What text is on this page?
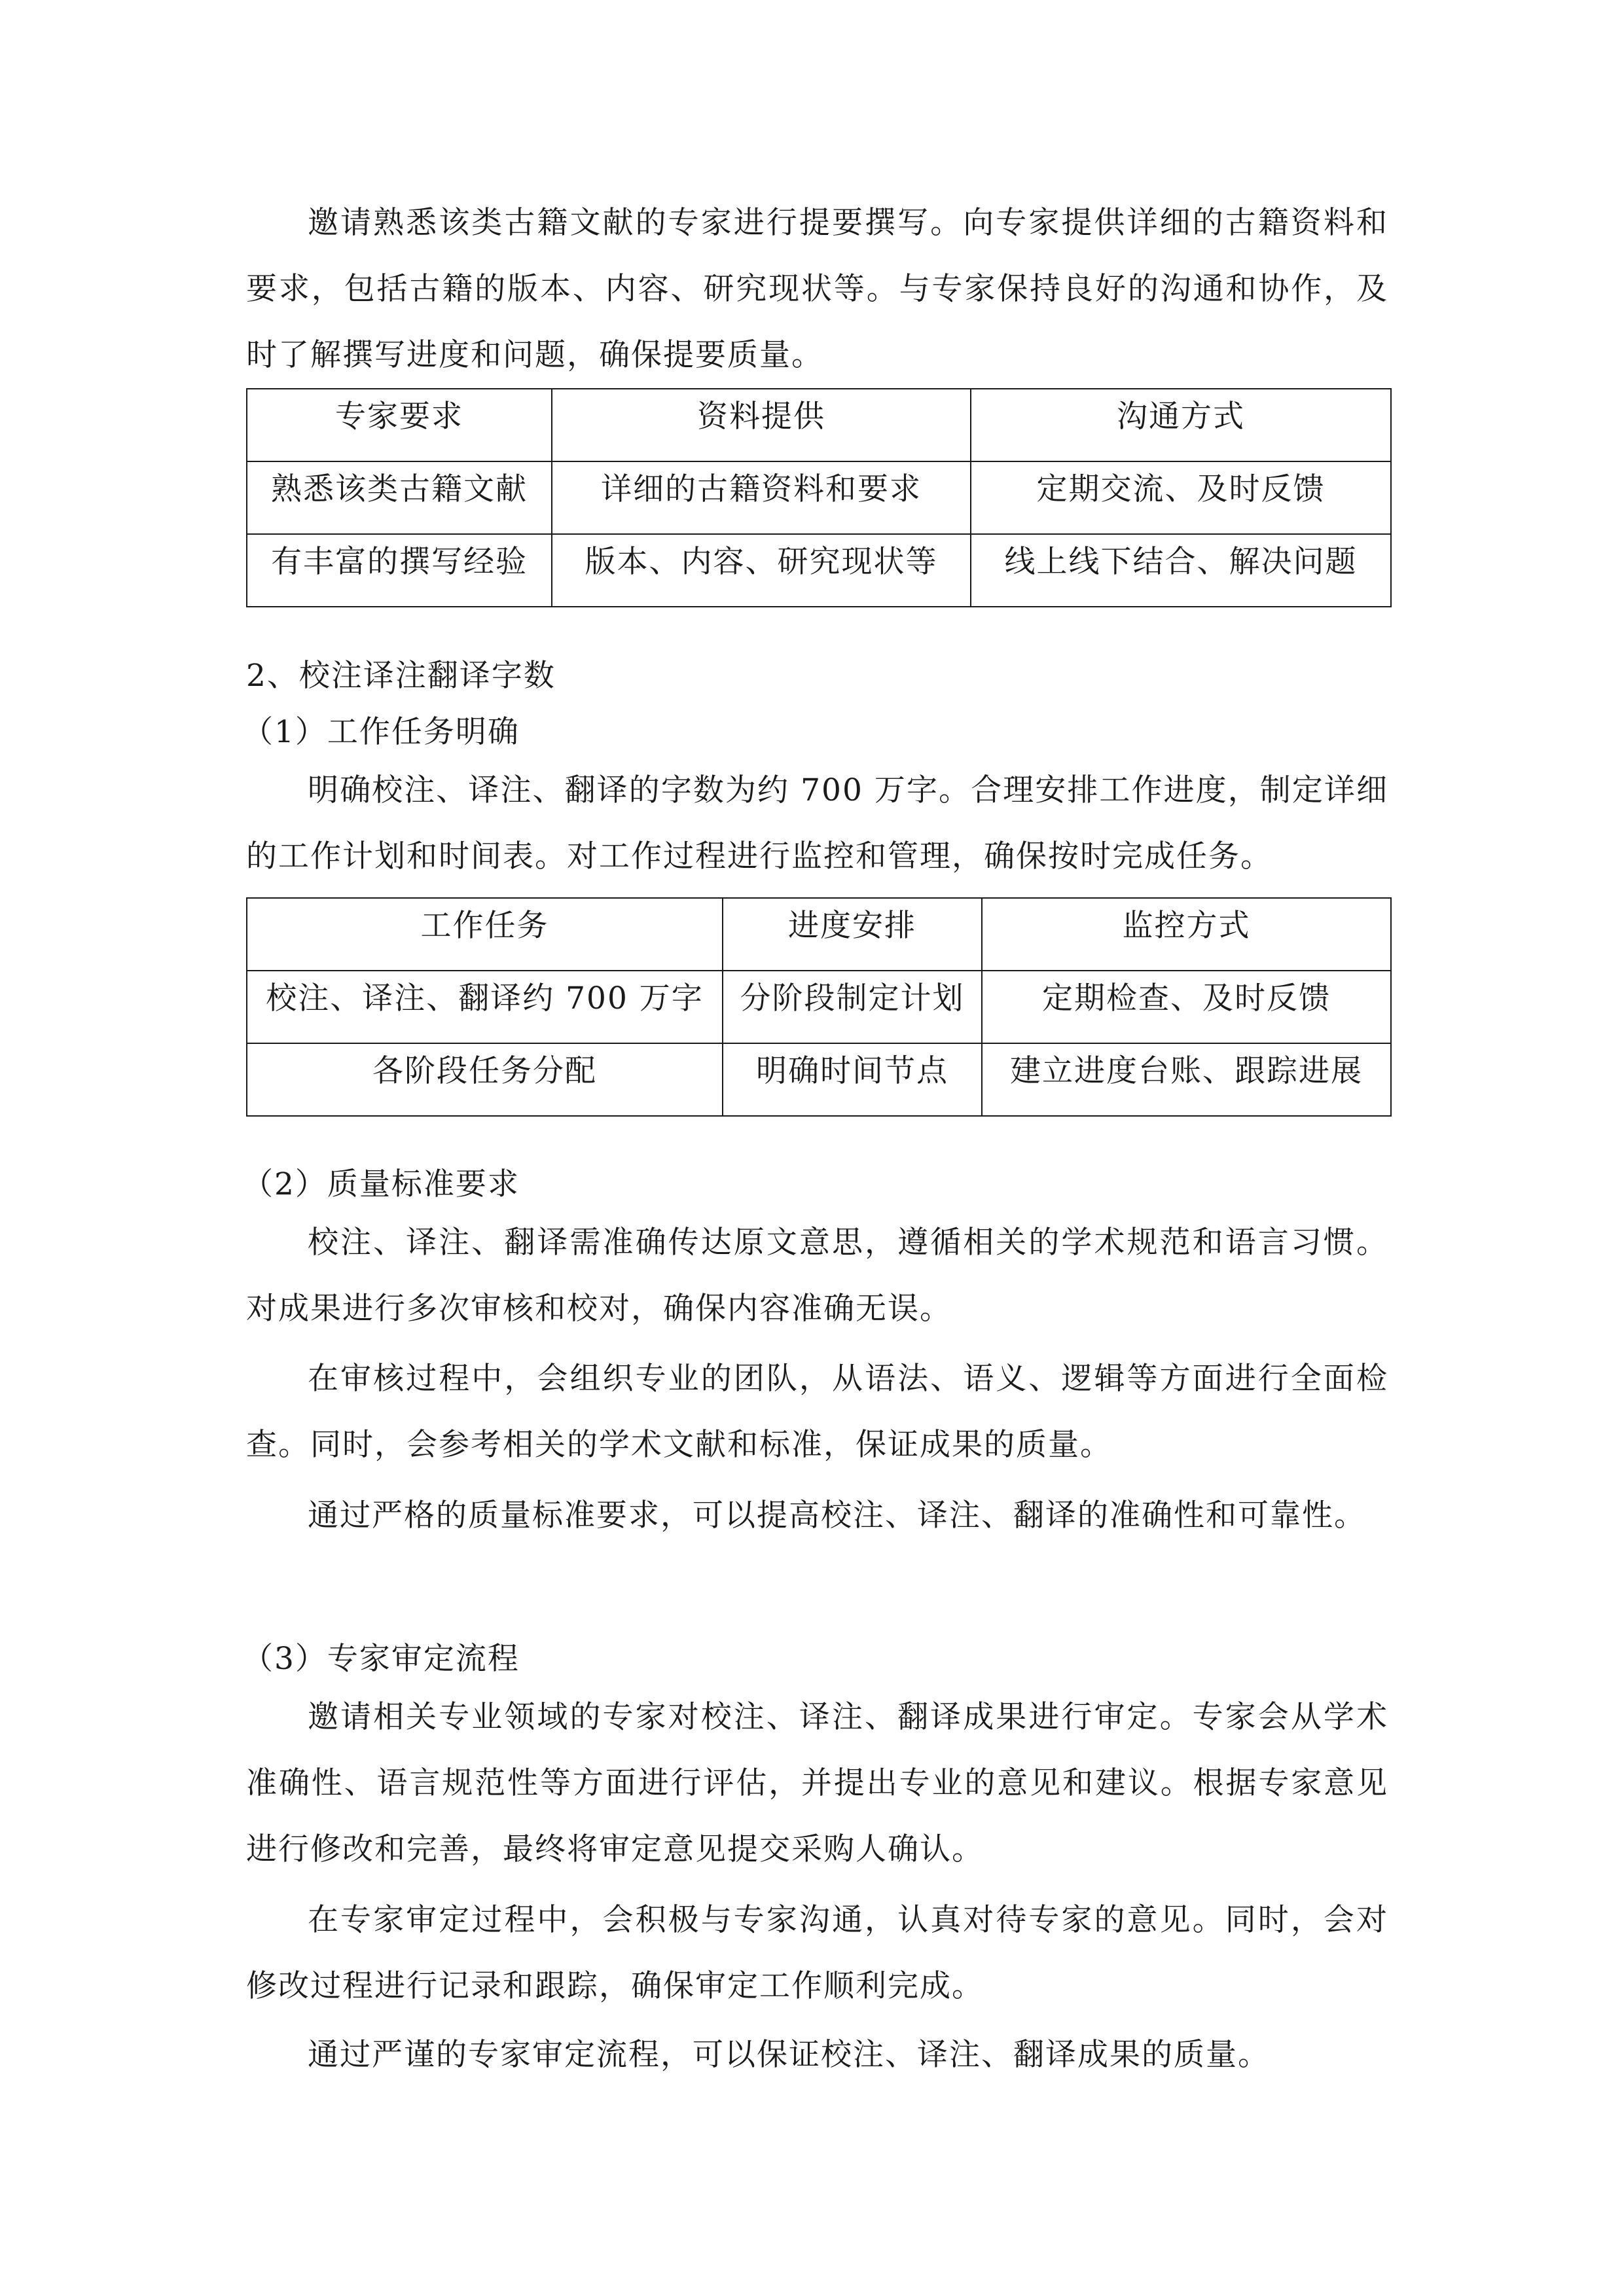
邀请熟悉该类古籍文献的专家进行提要撰写。向专家提供详细的古籍资料和要求，包括古籍的版本、内容、研究现状等。与专家保持良好的沟通和协作，及时了解撰写进度和问题，确保提要质量。

专家要求	资料提供	沟通方式
熟悉该类古籍文献	详细的古籍资料和要求	定期交流、及时反馈
有丰富的撰写经验	版本、内容、研究现状等	线上线下结合、解决问题

2、校注译注翻译字数

（1）工作任务明确

明确校注、译注、翻译的字数为约 700 万字。合理安排工作进度，制定详细的工作计划和时间表。对工作过程进行监控和管理，确保按时完成任务。

工作任务	进度安排	监控方式
校注、译注、翻译约 700 万字	分阶段制定计划	定期检查、及时反馈
各阶段任务分配	明确时间节点	建立进度台账、跟踪进展

（2）质量标准要求

校注、译注、翻译需准确传达原文意思，遵循相关的学术规范和语言习惯。对成果进行多次审核和校对，确保内容准确无误。

在审核过程中，会组织专业的团队，从语法、语义、逻辑等方面进行全面检查。同时，会参考相关的学术文献和标准，保证成果的质量。

通过严格的质量标准要求，可以提高校注、译注、翻译的准确性和可靠性。

（3）专家审定流程

邀请相关专业领域的专家对校注、译注、翻译成果进行审定。专家会从学术准确性、语言规范性等方面进行评估，并提出专业的意见和建议。根据专家意见进行修改和完善，最终将审定意见提交采购人确认。

在专家审定过程中，会积极与专家沟通，认真对待专家的意见。同时，会对修改过程进行记录和跟踪，确保审定工作顺利完成。

通过严谨的专家审定流程，可以保证校注、译注、翻译成果的质量。
